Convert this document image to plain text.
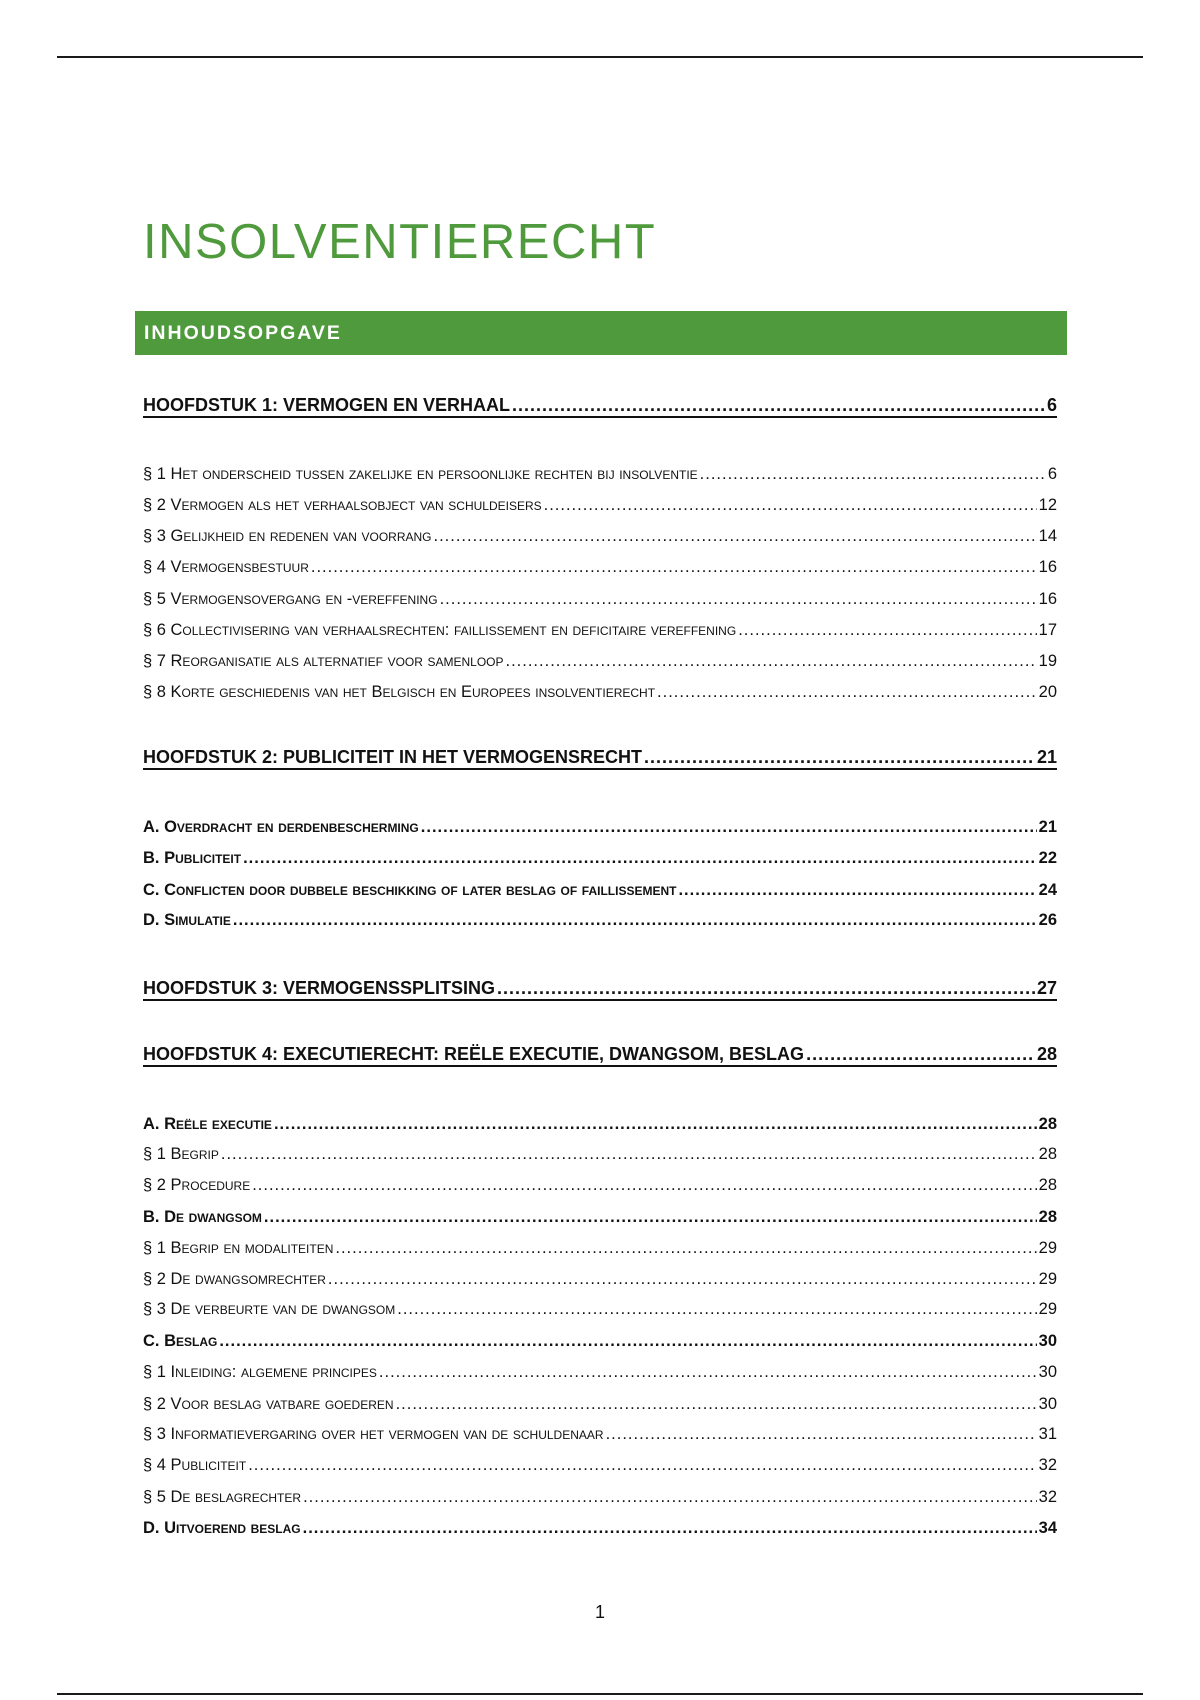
INSOLVENTIERECHT
INHOUDSOPGAVE
HOOFDSTUK 1: VERMOGEN EN VERHAAL .....	6
§ 1 Het onderscheid tussen zakelijke en persoonlijke rechten bij insolventie .....	6
§ 2 Vermogen als het verhaalsobject van schuldeisers .....	12
§ 3 Gelijkheid en redenen van voorrang .....	14
§ 4 Vermogensbestuur .....	16
§ 5 Vermogensovergang en -vereffening .....	16
§ 6 Collectivisering van verhaalsrechten: faillissement en deficitaire vereffening .....	17
§ 7 Reorganisatie als alternatief voor samenloop .....	19
§ 8 Korte geschiedenis van het Belgisch en Europees insolventierecht .....	20
HOOFDSTUK 2: PUBLICITEIT IN HET VERMOGENSRECHT .....	21
A. Overdracht en derdenbescherming .....	21
B. Publiciteit .....	22
C. Conflicten door dubbele beschikking of later beslag of faillissement .....	24
D. Simulatie .....	26
HOOFDSTUK 3: VERMOGENSSPLITSING .....	27
HOOFDSTUK 4: EXECUTIERECHT: REËLE EXECUTIE, DWANGSOM, BESLAG .....	28
A. Reële executie .....	28
§ 1 Begrip .....	28
§ 2 Procedure .....	28
B. De dwangsom .....	28
§ 1 Begrip en modaliteiten .....	29
§ 2 De dwangsomrechter .....	29
§ 3 De verbeurte van de dwangsom .....	29
C. Beslag .....	30
§ 1 Inleiding: algemene principes .....	30
§ 2 Voor beslag vatbare goederen .....	30
§ 3 Informatievergaring over het vermogen van de schuldenaar .....	31
§ 4 Publiciteit .....	32
§ 5 De beslagrechter .....	32
D. Uitvoerend beslag .....	34
1
